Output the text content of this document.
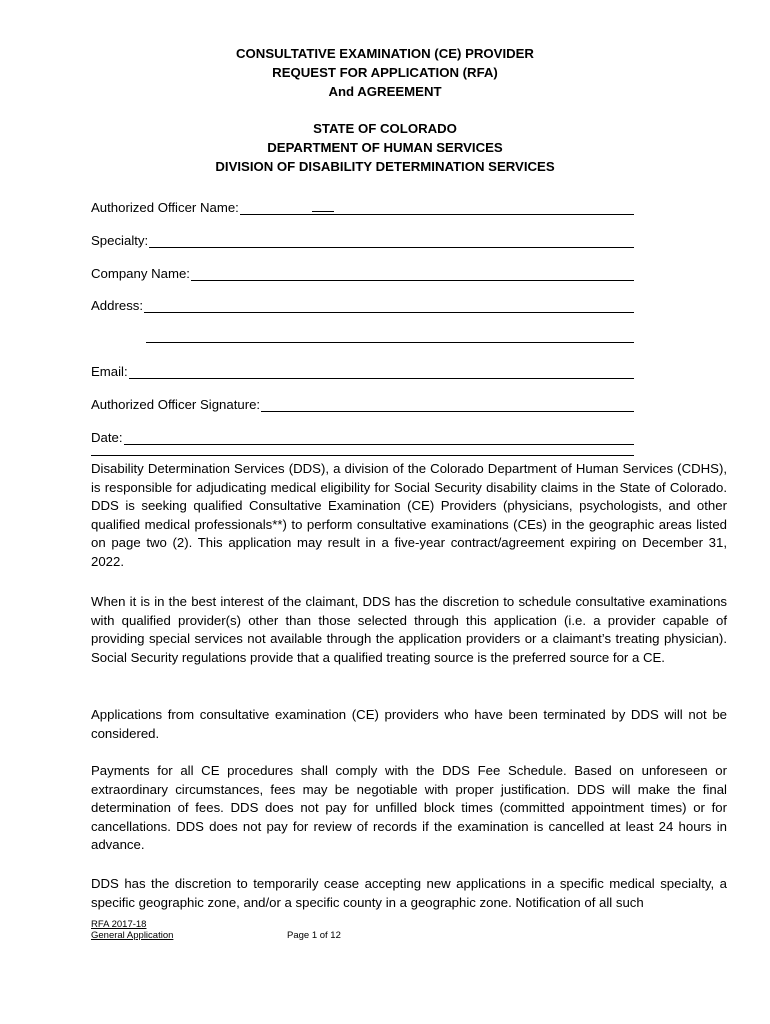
CONSULTATIVE EXAMINATION (CE) PROVIDER
REQUEST FOR APPLICATION (RFA)
And AGREEMENT
STATE OF COLORADO
DEPARTMENT OF HUMAN SERVICES
DIVISION OF DISABILITY DETERMINATION SERVICES
Authorized Officer Name:
Specialty:
Company Name:
Address:
Email:
Authorized Officer Signature:
Date:

Disability Determination Services (DDS), a division of the Colorado Department of Human Services (CDHS), is responsible for adjudicating medical eligibility for Social Security disability claims in the State of Colorado. DDS is seeking qualified Consultative Examination (CE) Providers (physicians, psychologists, and other qualified medical professionals**) to perform consultative examinations (CEs) in the geographic areas listed on page two (2). This application may result in a five-year contract/agreement expiring on December 31, 2022.

When it is in the best interest of the claimant, DDS has the discretion to schedule consultative examinations with qualified provider(s) other than those selected through this application (i.e. a provider capable of providing special services not available through the application providers or a claimant’s treating physician). Social Security regulations provide that a qualified treating source is the preferred source for a CE.

Applications from consultative examination (CE) providers who have been terminated by DDS will not be considered.

Payments for all CE procedures shall comply with the DDS Fee Schedule. Based on unforeseen or extraordinary circumstances, fees may be negotiable with proper justification. DDS will make the final determination of fees. DDS does not pay for unfilled block times (committed appointment times) or for cancellations. DDS does not pay for review of records if the examination is cancelled at least 24 hours in advance.

DDS has the discretion to temporarily cease accepting new applications in a specific medical specialty, a specific geographic zone, and/or a specific county in a geographic zone. Notification of all such

RFA 2017-18
General Application	Page 1 of 12
